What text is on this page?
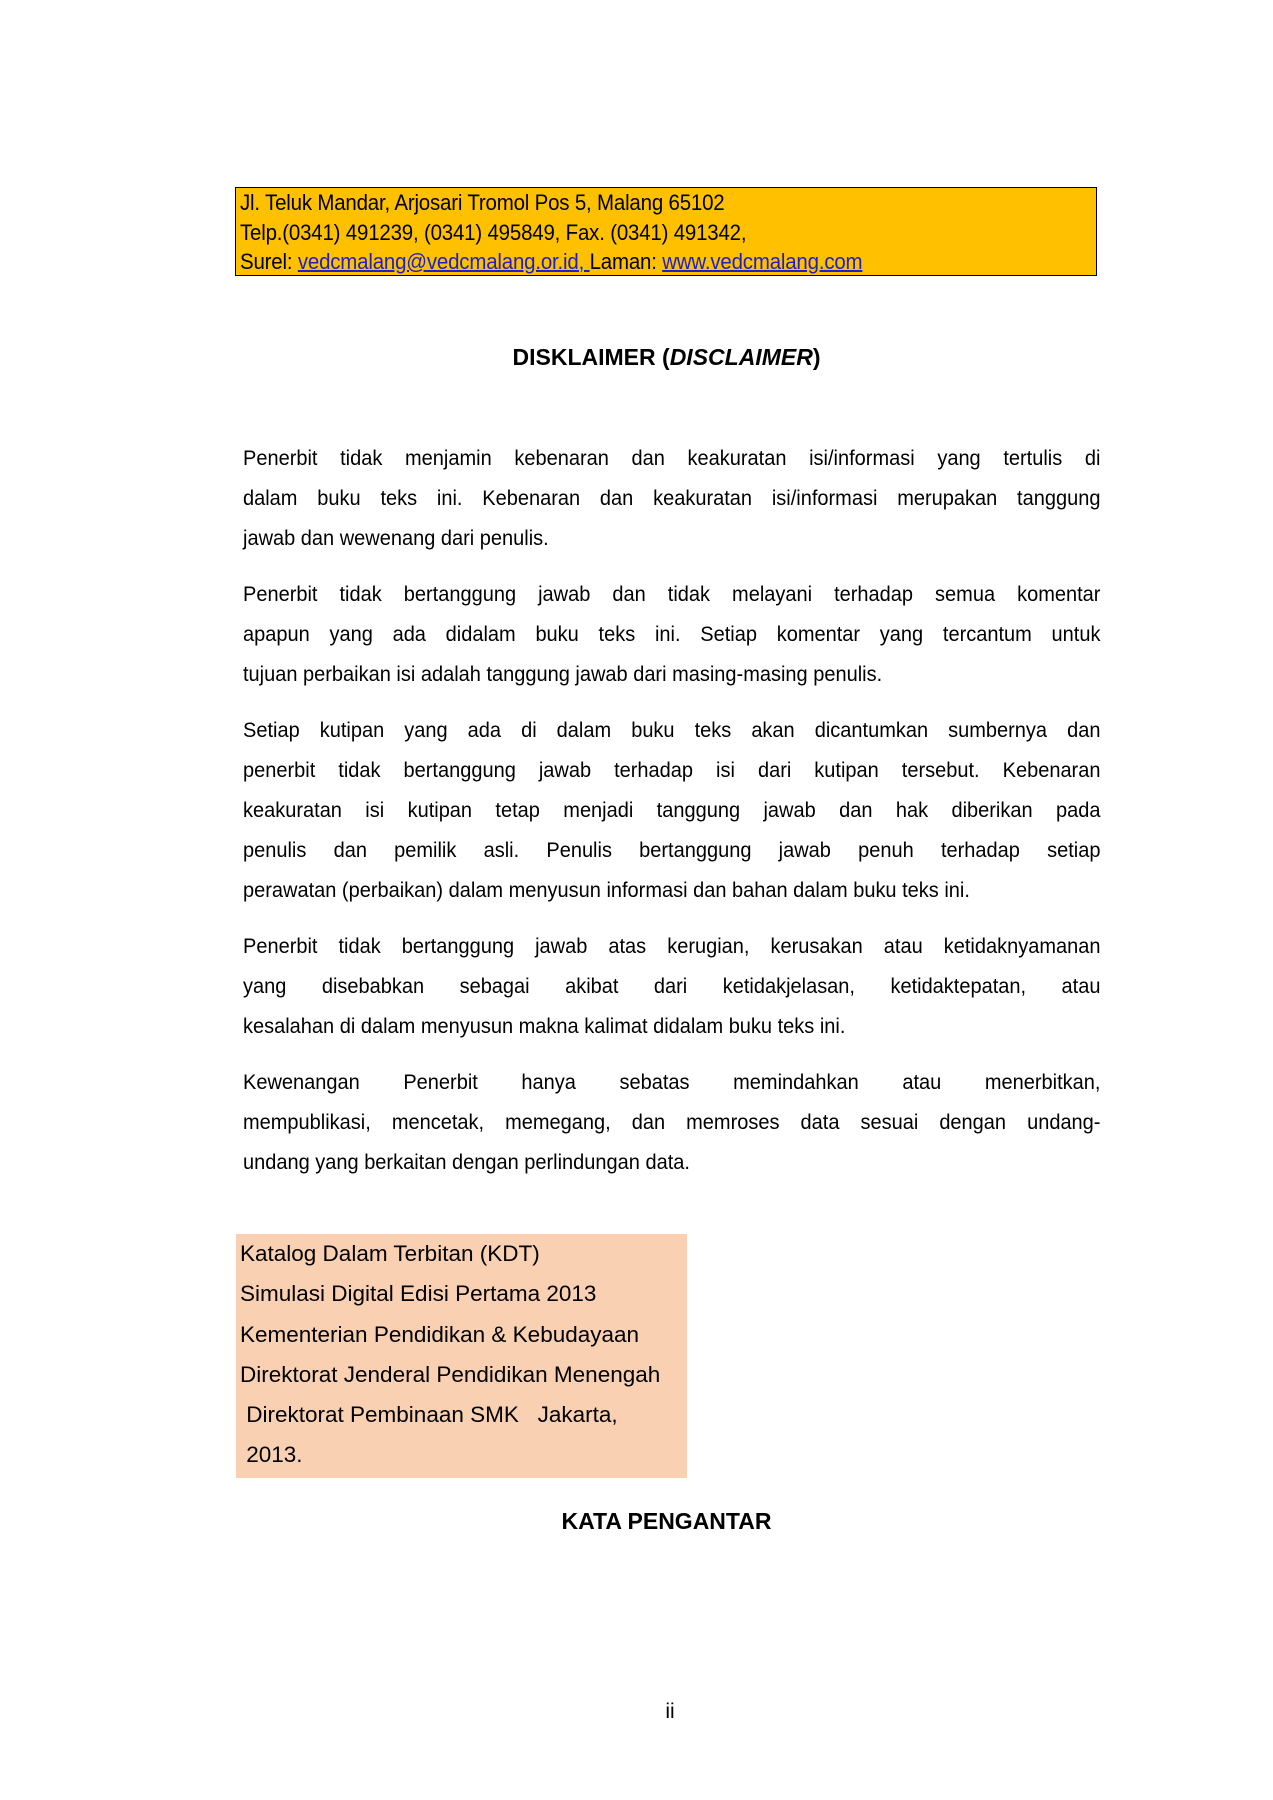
Jl. Teluk Mandar, Arjosari Tromol Pos 5, Malang 65102
Telp.(0341) 491239, (0341) 495849, Fax. (0341) 491342,
Surel: vedcmalang@vedcmalang.or.id, Laman: www.vedcmalang.com
DISKLAIMER (DISCLAIMER)
Penerbit tidak menjamin kebenaran dan keakuratan isi/informasi yang tertulis di
dalam buku teks ini. Kebenaran dan keakuratan isi/informasi merupakan tanggung
jawab dan wewenang dari penulis.
Penerbit tidak bertanggung jawab dan tidak melayani terhadap semua komentar
apapun yang ada didalam buku teks ini. Setiap komentar yang tercantum untuk
tujuan perbaikan isi adalah tanggung jawab dari masing-masing penulis.
Setiap kutipan yang ada di dalam buku teks akan dicantumkan sumbernya dan
penerbit tidak bertanggung jawab terhadap isi dari kutipan tersebut. Kebenaran
keakuratan isi kutipan tetap menjadi tanggung jawab dan hak diberikan pada
penulis dan pemilik asli. Penulis bertanggung jawab penuh terhadap setiap
perawatan (perbaikan) dalam menyusun informasi dan bahan dalam buku teks ini.
Penerbit tidak bertanggung jawab atas kerugian, kerusakan atau ketidaknyamanan
yang disebabkan sebagai akibat dari ketidakjelasan, ketidaktepatan, atau
kesalahan di dalam menyusun makna kalimat didalam buku teks ini.
Kewenangan Penerbit hanya sebatas memindahkan atau menerbitkan,
mempublikasi, mencetak, memegang, dan memroses data sesuai dengan undang-
undang yang berkaitan dengan perlindungan data.
Katalog Dalam Terbitan (KDT)
Simulasi Digital Edisi Pertama 2013
Kementerian Pendidikan & Kebudayaan
Direktorat Jenderal Pendidikan Menengah
Direktorat Pembinaan SMK   Jakarta,
2013.
KATA PENGANTAR
ii
